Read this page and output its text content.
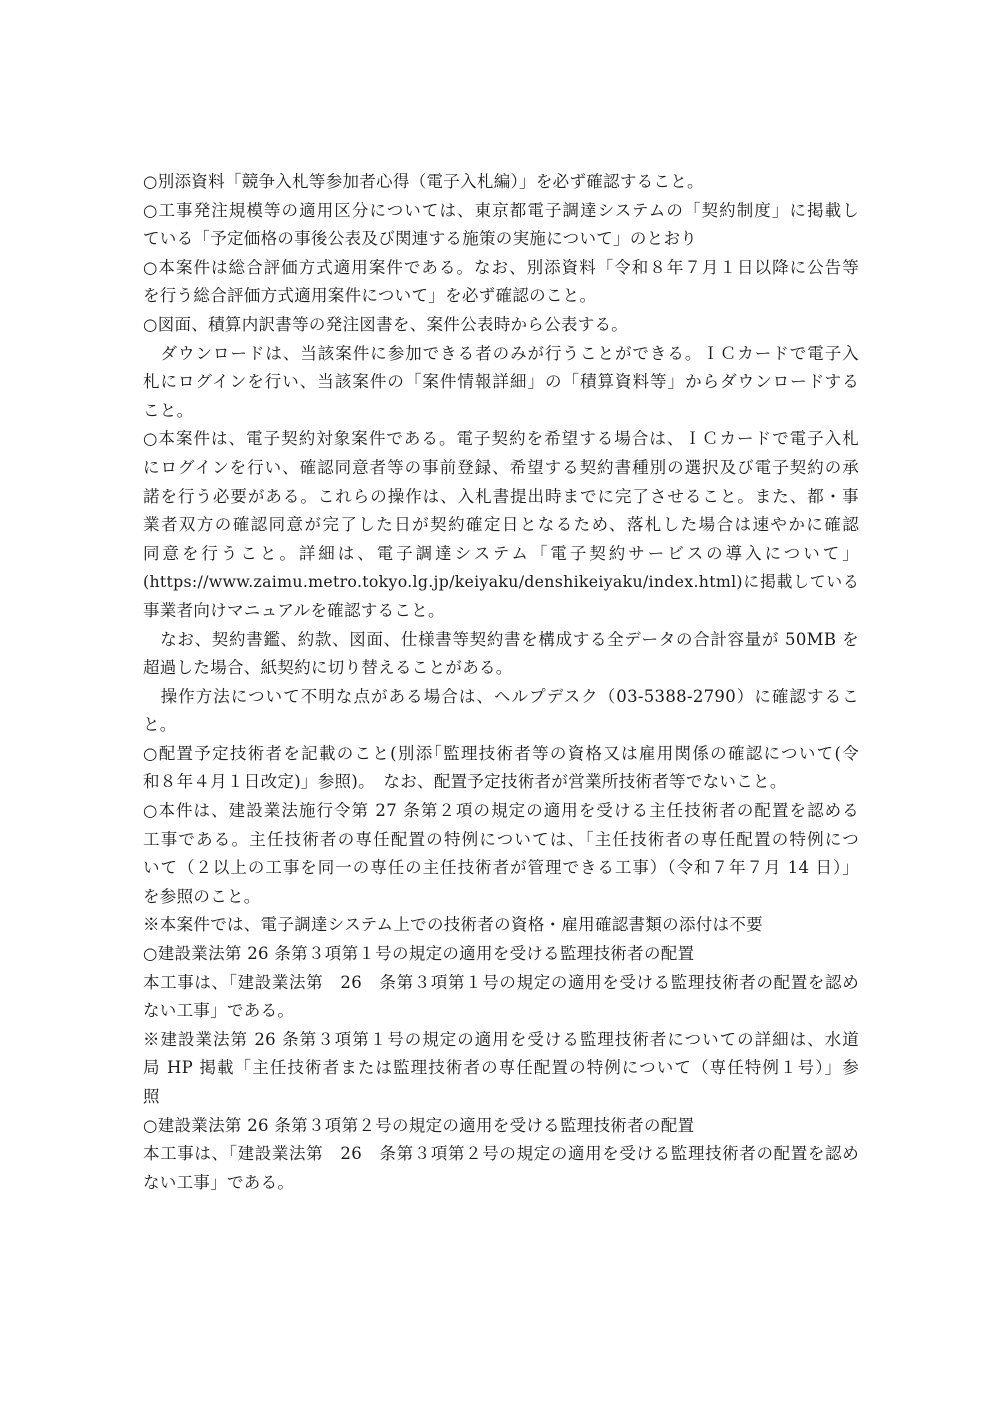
○別添資料「競争入札等参加者心得（電子入札編）」を必ず確認すること。
○工事発注規模等の適用区分については、東京都電子調達システムの「契約制度」に掲載し
ている「予定価格の事後公表及び関連する施策の実施について」のとおり
○本案件は総合評価方式適用案件である。なお、別添資料「令和８年７月１日以降に公告等
を行う総合評価方式適用案件について」を必ず確認のこと。
○図面、積算内訳書等の発注図書を、案件公表時から公表する。
　ダウンロードは、当該案件に参加できる者のみが行うことができる。ＩＣカードで電子入
札にログインを行い、当該案件の「案件情報詳細」の「積算資料等」からダウンロードする
こと。
○本案件は、電子契約対象案件である。電子契約を希望する場合は、ＩＣカードで電子入札
にログインを行い、確認同意者等の事前登録、希望する契約書種別の選択及び電子契約の承
諾を行う必要がある。これらの操作は、入札書提出時までに完了させること。また、都・事
業者双方の確認同意が完了した日が契約確定日となるため、落札した場合は速やかに確認
同意を行うこと。詳細は、電子調達システム「電子契約サービスの導入について」
(https://www.zaimu.metro.tokyo.lg.jp/keiyaku/denshikeiyaku/index.html)に掲載している
事業者向けマニュアルを確認すること。
　なお、契約書鑑、約款、図面、仕様書等契約書を構成する全データの合計容量が 50MB を
超過した場合、紙契約に切り替えることがある。
　操作方法について不明な点がある場合は、ヘルプデスク（03-5388-2790）に確認するこ
と。
○配置予定技術者を記載のこと(別添｢監理技術者等の資格又は雇用関係の確認について(令
和８年４月１日改定)」参照)。　なお、配置予定技術者が営業所技術者等でないこと。
○本件は、建設業法施行令第 27 条第２項の規定の適用を受ける主任技術者の配置を認める
工事である。主任技術者の専任配置の特例については、「主任技術者の専任配置の特例につ
いて（２以上の工事を同一の専任の主任技術者が管理できる工事）（令和７年７月 14 日）」
を参照のこと。
※本案件では、電子調達システム上での技術者の資格・雇用確認書類の添付は不要
○建設業法第 26 条第３項第１号の規定の適用を受ける監理技術者の配置
本工事は、「建設業法第　26　条第３項第１号の規定の適用を受ける監理技術者の配置を認め
ない工事」である。
※建設業法第 26 条第３項第１号の規定の適用を受ける監理技術者についての詳細は、水道
局 HP 掲載「主任技術者または監理技術者の専任配置の特例について（専任特例１号）」参
照
○建設業法第 26 条第３項第２号の規定の適用を受ける監理技術者の配置
本工事は、「建設業法第　26　条第３項第２号の規定の適用を受ける監理技術者の配置を認め
ない工事」である。
